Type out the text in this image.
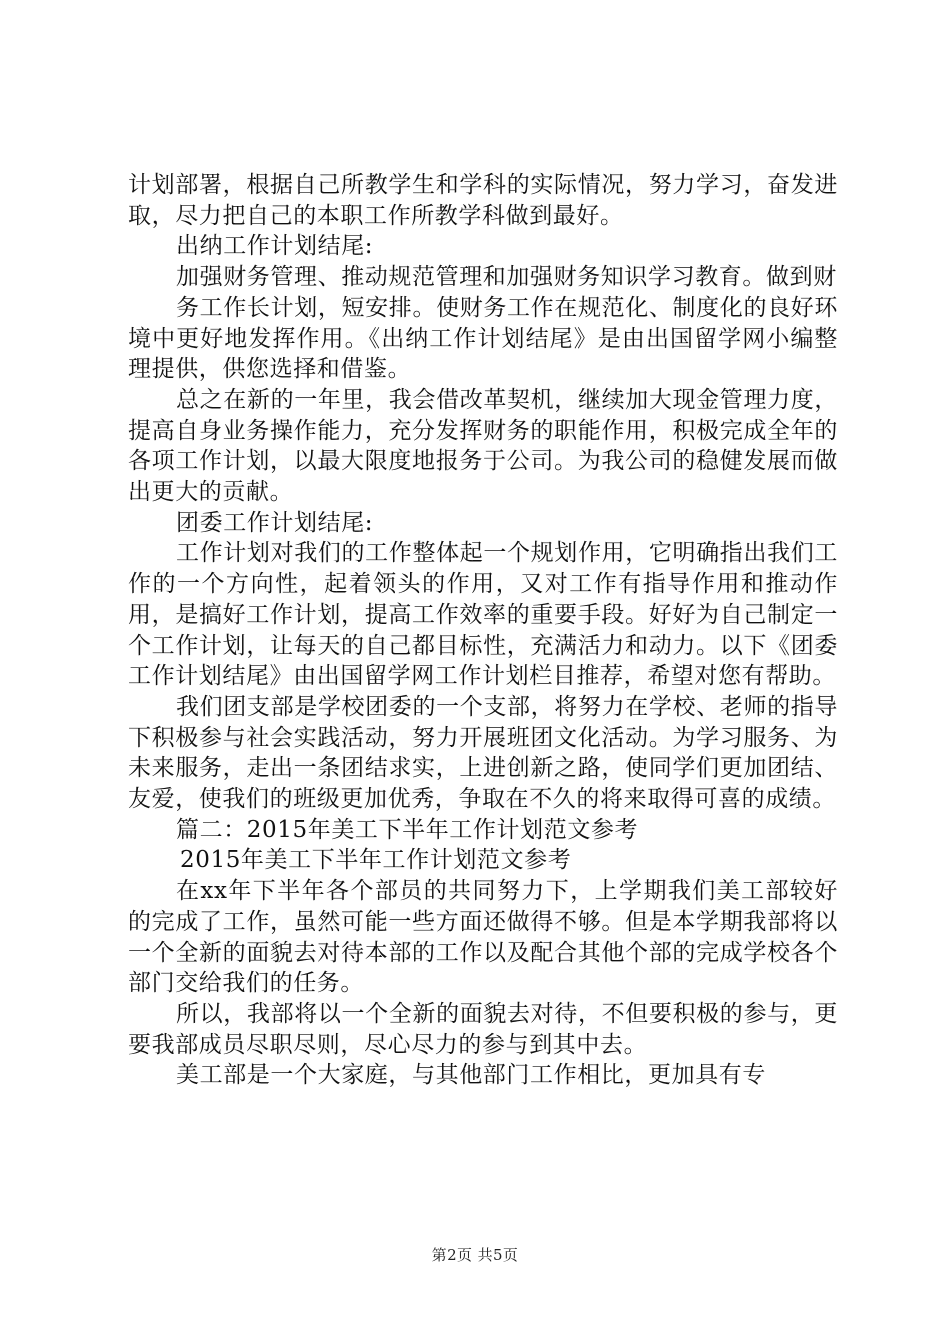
计划部署，根据自己所教学生和学科的实际情况，努力学习，奋发进取，尽力把自己的本职工作所教学科做到最好。

出纳工作计划结尾:

加强财务管理、推动规范管理和加强财务知识学习教育。做到财

务工作长计划，短安排。使财务工作在规范化、制度化的良好环境中更好地发挥作用。《出纳工作计划结尾》是由出国留学网小编整理提供，供您选择和借鉴。

总之在新的一年里，我会借改革契机，继续加大现金管理力度，提高自身业务操作能力，充分发挥财务的职能作用，积极完成全年的各项工作计划，以最大限度地报务于公司。为我公司的稳健发展而做出更大的贡献。

团委工作计划结尾:

工作计划对我们的工作整体起一个规划作用，它明确指出我们工作的一个方向性，起着领头的作用，又对工作有指导作用和推动作用，是搞好工作计划，提高工作效率的重要手段。好好为自己制定一个工作计划，让每天的自己都目标性，充满活力和动力。以下《团委工作计划结尾》由出国留学网工作计划栏目推荐，希望对您有帮助。

我们团支部是学校团委的一个支部，将努力在学校、老师的指导下积极参与社会实践活动，努力开展班团文化活动。为学习服务、为未来服务，走出一条团结求实，上进创新之路，使同学们更加团结、友爱，使我们的班级更加优秀，争取在不久的将来取得可喜的成绩。

篇二：2015年美工下半年工作计划范文参考

2015年美工下半年工作计划范文参考

在xx年下半年各个部员的共同努力下，上学期我们美工部较好的完成了工作，虽然可能一些方面还做得不够。但是本学期我部将以一个全新的面貌去对待本部的工作以及配合其他个部的完成学校各个部门交给我们的任务。

所以，我部将以一个全新的面貌去对待，不但要积极的参与，更要我部成员尽职尽则，尽心尽力的参与到其中去。

美工部是一个大家庭，与其他部门工作相比，更加具有专

第2页 共5页
